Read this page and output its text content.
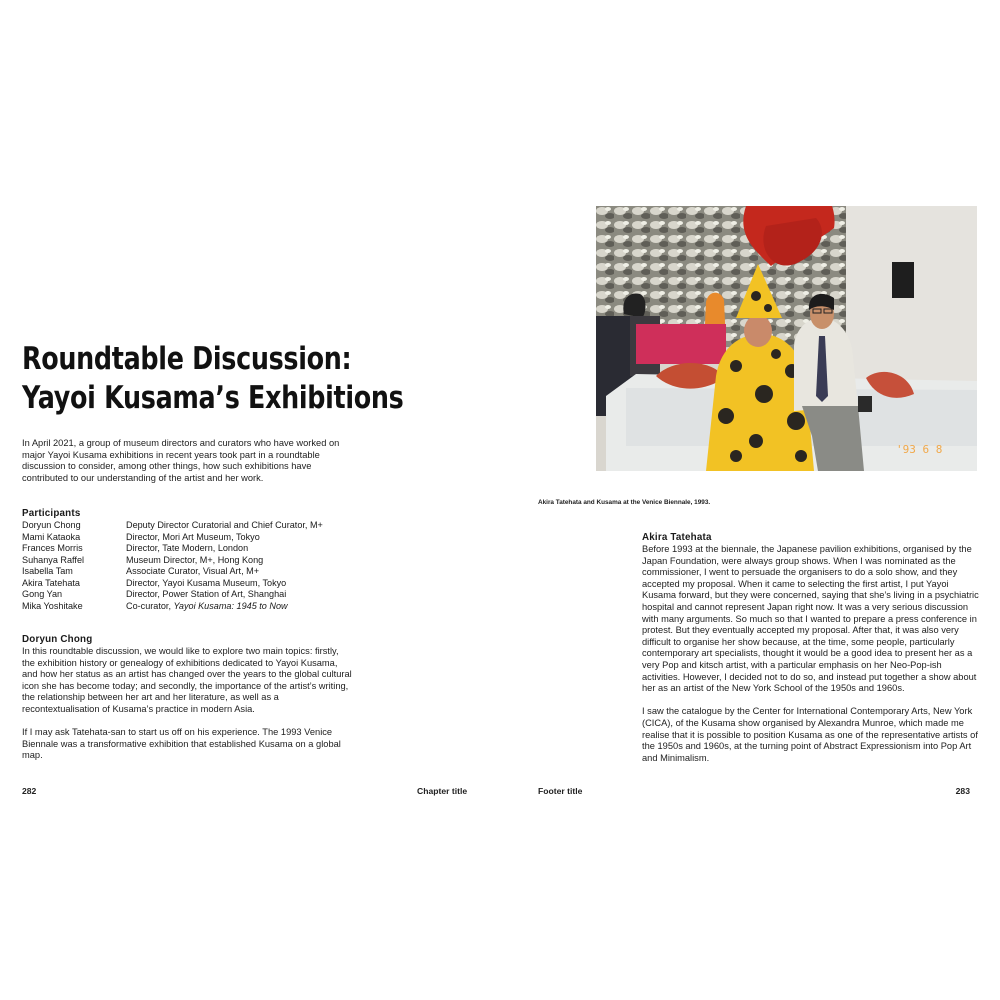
Roundtable Discussion:
Yayoi Kusama’s Exhibitions

In April 2021, a group of museum directors and curators who have worked on major Yayoi Kusama exhibitions in recent years took part in a roundtable discussion to consider, among other things, how such exhibitions have contributed to our understanding of the artist and her work.

Participants
Doryun Chong	Deputy Director Curatorial and Chief Curator, M+
Mami Kataoka	Director, Mori Art Museum, Tokyo
Frances Morris	Director, Tate Modern, London
Suhanya Raffel	Museum Director, M+, Hong Kong
Isabella Tam	Associate Curator, Visual Art, M+
Akira Tatehata	Director, Yayoi Kusama Museum, Tokyo
Gong Yan	Director, Power Station of Art, Shanghai
Mika Yoshitake	Co-curator, Yayoi Kusama: 1945 to Now
Doryun Chong

In this roundtable discussion, we would like to explore two main topics: firstly, the exhibition history or genealogy of exhibitions dedicated to Yayoi Kusama, and how her status as an artist has changed over the years to the global cultural icon she has become today; and secondly, the importance of the artist’s writing, the relationship between her art and her literature, as well as a recontextualisation of Kusama’s practice in modern Asia.

If I may ask Tatehata-san to start us off on his experience. The 1993 Venice Biennale was a transformative exhibition that established Kusama on a global map.

282	Chapter title
'93 6 8
Akira Tatehata and Kusama at the Venice Biennale, 1993.
Akira Tatehata

Before 1993 at the biennale, the Japanese pavilion exhibitions, organised by the Japan Foundation, were always group shows. When I was nominated as the commissioner, I went to persuade the organisers to do a solo show, and they accepted my proposal. When it came to selecting the first artist, I put Yayoi Kusama forward, but they were concerned, saying that she’s living in a psychiatric hospital and cannot represent Japan right now. It was a very serious discussion with many arguments. So much so that I wanted to prepare a press conference in protest. But they eventually accepted my proposal. After that, it was also very difficult to organise her show because, at the time, some people, particularly contemporary art specialists, thought it would be a good idea to present her as a very Pop and kitsch artist, with a particular emphasis on her Neo-Pop-ish activities. However, I decided not to do so, and instead put together a show about her as an artist of the New York School of the 1950s and 1960s.

I saw the catalogue by the Center for International Contemporary Arts, New York (CICA), of the Kusama show organised by Alexandra Munroe, which made me realise that it is possible to position Kusama as one of the representative artists of the 1950s and 1960s, at the turning point of Abstract Expressionism into Pop Art and Minimalism.

Footer title	283
